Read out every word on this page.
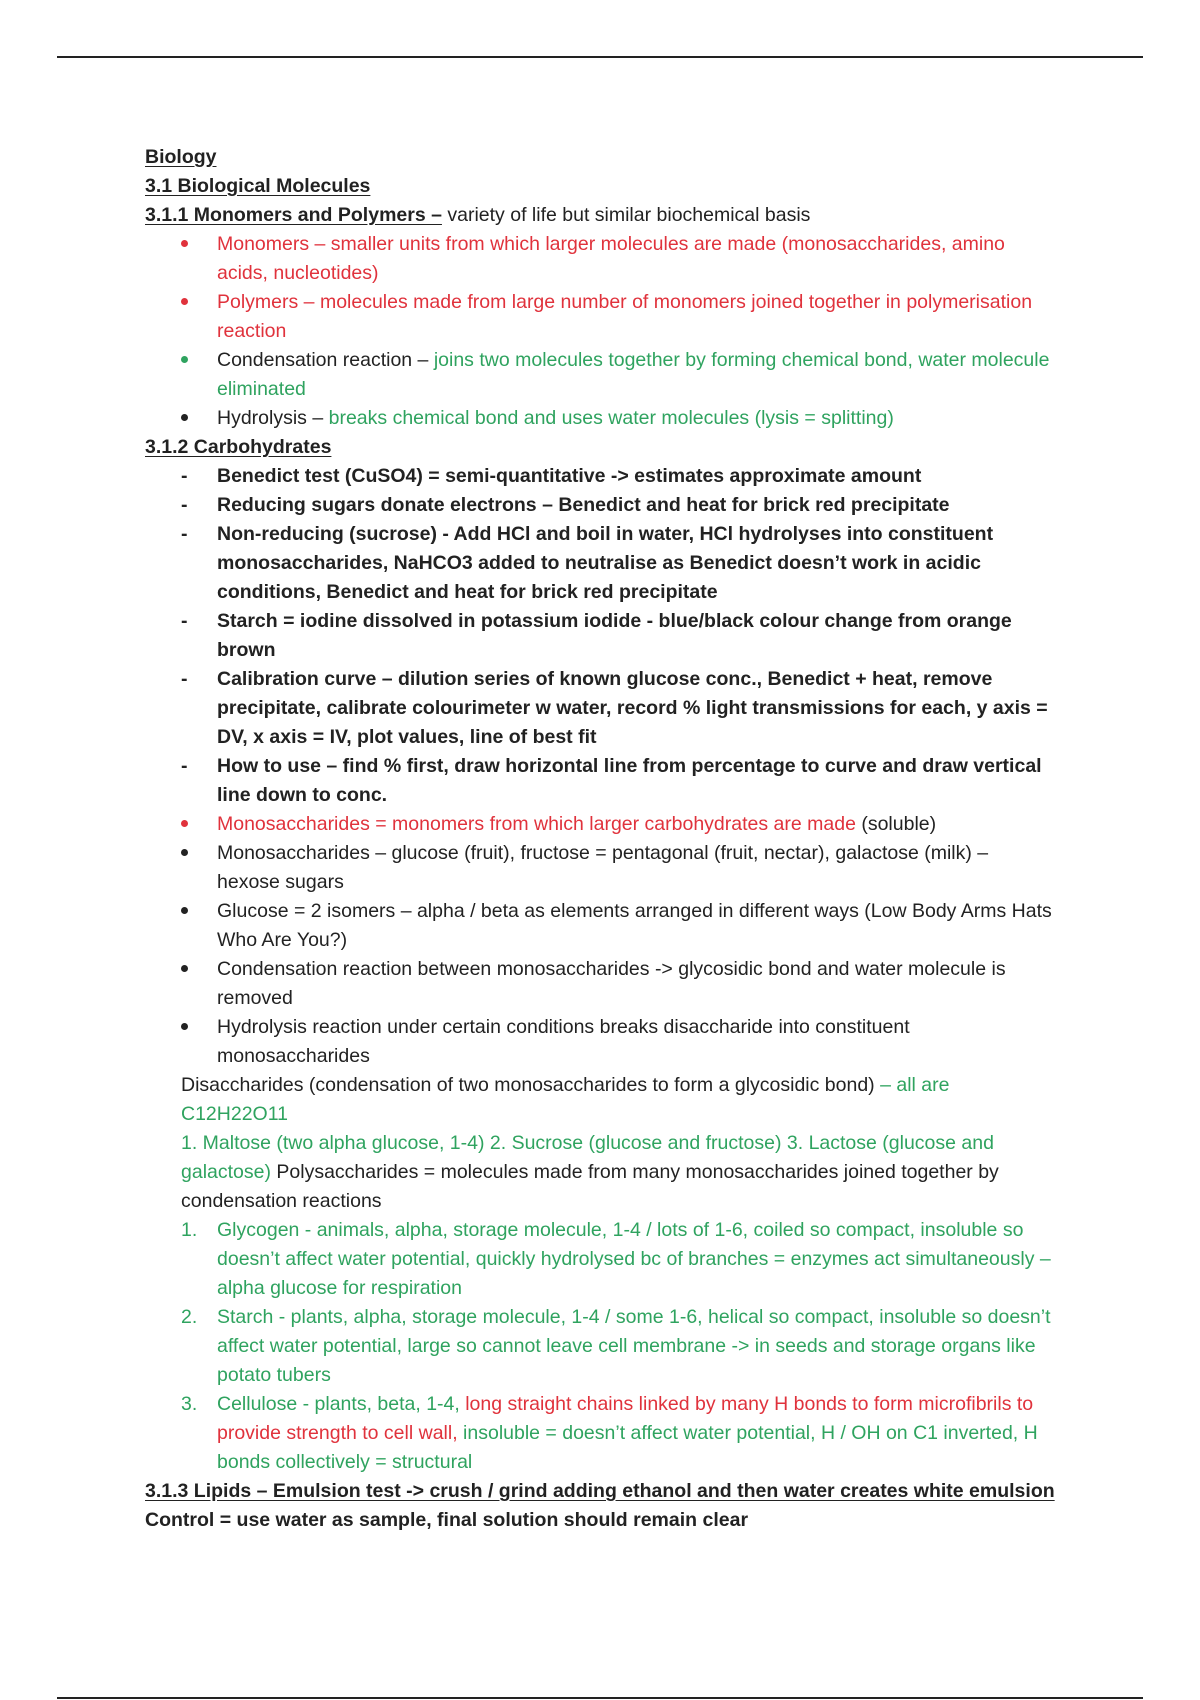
Biology

3.1 Biological Molecules

3.1.1 Monomers and Polymers – variety of life but similar biochemical basis

Monomers – smaller units from which larger molecules are made (monosaccharides, amino acids, nucleotides)
Polymers – molecules made from large number of monomers joined together in polymerisation reaction
Condensation reaction – joins two molecules together by forming chemical bond, water molecule eliminated
Hydrolysis – breaks chemical bond and uses water molecules (lysis = splitting)

3.1.2 Carbohydrates

-	Benedict test (CuSO4) = semi-quantitative -> estimates approximate amount
-	Reducing sugars donate electrons – Benedict and heat for brick red precipitate
-	Non-reducing (sucrose) - Add HCl and boil in water, HCl hydrolyses into constituent monosaccharides, NaHCO3 added to neutralise as Benedict doesn’t work in acidic conditions, Benedict and heat for brick red precipitate
-	Starch = iodine dissolved in potassium iodide - blue/black colour change from orange brown
-	Calibration curve – dilution series of known glucose conc., Benedict + heat, remove precipitate, calibrate colourimeter w water, record % light transmissions for each, y axis = DV, x axis = IV, plot values, line of best fit
-	How to use – find % first, draw horizontal line from percentage to curve and draw vertical line down to conc.
Monosaccharides = monomers from which larger carbohydrates are made (soluble)
Monosaccharides – glucose (fruit), fructose = pentagonal (fruit, nectar), galactose (milk) – hexose sugars
Glucose = 2 isomers – alpha / beta as elements arranged in different ways (Low Body Arms Hats Who Are You?)
Condensation reaction between monosaccharides -> glycosidic bond and water molecule is removed
Hydrolysis reaction under certain conditions breaks disaccharide into constituent monosaccharides

Disaccharides (condensation of two monosaccharides to form a glycosidic bond) – all are C12H22O11

1. Maltose (two alpha glucose, 1-4) 2. Sucrose (glucose and fructose) 3. Lactose (glucose and galactose) Polysaccharides = molecules made from many monosaccharides joined together by condensation reactions

1. Glycogen - animals, alpha, storage molecule, 1-4 / lots of 1-6, coiled so compact, insoluble so doesn’t affect water potential, quickly hydrolysed bc of branches = enzymes act simultaneously – alpha glucose for respiration
2. Starch - plants, alpha, storage molecule, 1-4 / some 1-6, helical so compact, insoluble so doesn’t affect water potential, large so cannot leave cell membrane -> in seeds and storage organs like potato tubers
3. Cellulose - plants, beta, 1-4, long straight chains linked by many H bonds to form microfibrils to provide strength to cell wall, insoluble = doesn’t affect water potential, H / OH on C1 inverted, H bonds collectively = structural

3.1.3 Lipids – Emulsion test -> crush / grind adding ethanol and then water creates white emulsion

Control = use water as sample, final solution should remain clear
